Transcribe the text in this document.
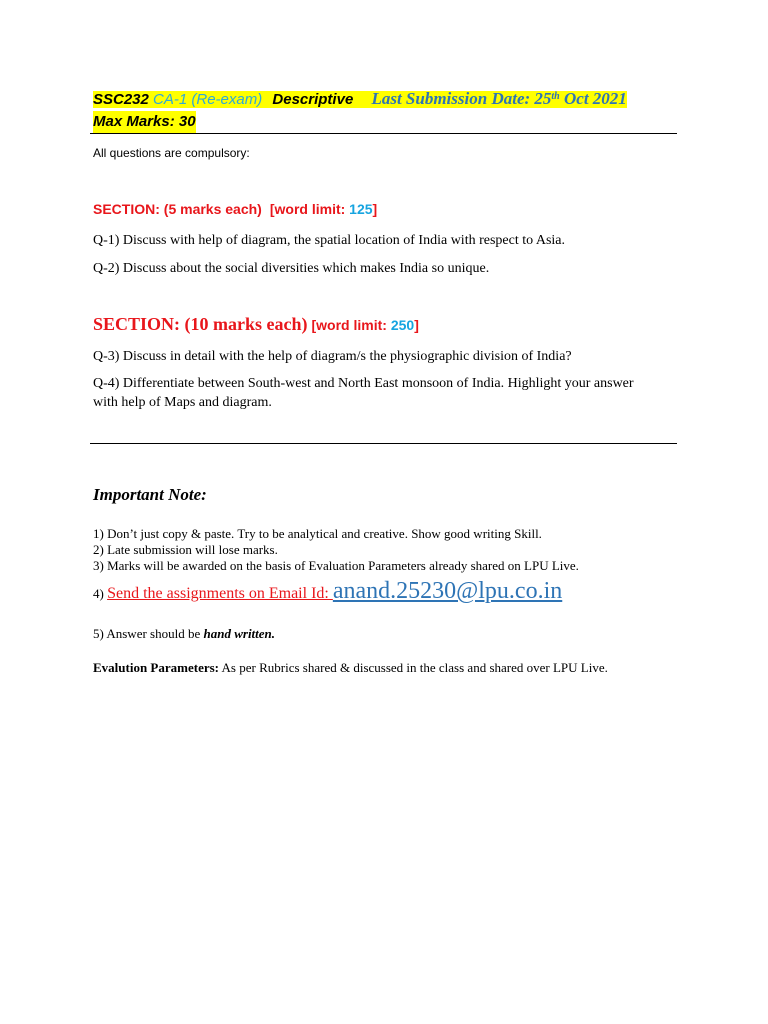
SSC232 CA-1 (Re-exam) Descriptive Last Submission Date: 25th Oct 2021
Max Marks: 30
All questions are compulsory:
SECTION: (5 marks each) [word limit: 125]
Q-1) Discuss with help of diagram, the spatial location of India with respect to Asia.
Q-2) Discuss about the social diversities which makes India so unique.
SECTION: (10 marks each) [word limit: 250]
Q-3) Discuss in detail with the help of diagram/s the physiographic division of India?
Q-4) Differentiate between South-west and North East monsoon of India. Highlight your answer with help of Maps and diagram.
Important Note:
1) Don’t just copy & paste. Try to be analytical and creative. Show good writing Skill.
2) Late submission will lose marks.
3) Marks will be awarded on the basis of Evaluation Parameters already shared on LPU Live.
4) Send the assignments on Email Id: anand.25230@lpu.co.in
5) Answer should be hand written.
Evalution Parameters: As per Rubrics shared & discussed in the class and shared over LPU Live.
